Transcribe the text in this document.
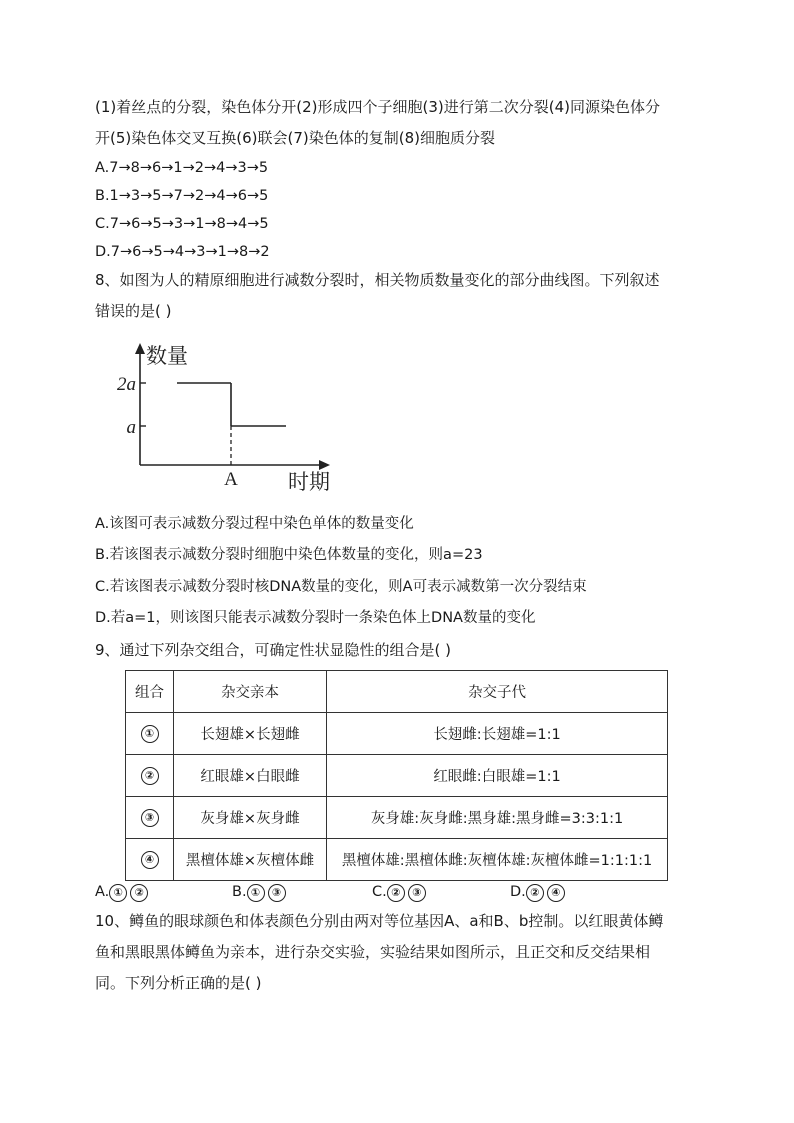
(1)着丝点的分裂，染色体分开(2)形成四个子细胞(3)进行第二次分裂(4)同源染色体分
开(5)染色体交叉互换(6)联会(7)染色体的复制(8)细胞质分裂
A.7→8→6→1→2→4→3→5
B.1→3→5→7→2→4→6→5
C.7→6→5→3→1→8→4→5
D.7→6→5→4→3→1→8→2
8、如图为人的精原细胞进行减数分裂时，相关物质数量变化的部分曲线图。下列叙述
错误的是( )
数量
2a
a
A 时期
A.该图可表示减数分裂过程中染色单体的数量变化
B.若该图表示减数分裂时细胞中染色体数量的变化，则a=23
C.若该图表示减数分裂时核DNA数量的变化，则A可表示减数第一次分裂结束
D.若a=1，则该图只能表示减数分裂时一条染色体上DNA数量的变化
9、通过下列杂交组合，可确定性状显隐性的组合是( )
组合	杂交亲本	杂交子代
①	长翅雄×长翅雌	长翅雌:长翅雄=1:1
②	红眼雄×白眼雌	红眼雌:白眼雄=1:1
③	灰身雄×灰身雌	灰身雄:灰身雌:黑身雄:黑身雌=3:3:1:1
④	黑檀体雄×灰檀体雌	黑檀体雄:黑檀体雌:灰檀体雄:灰檀体雌=1:1:1:1
A. ① ②	B. ① ③	C. ② ③	D. ② ④
10、鳟鱼的眼球颜色和体表颜色分别由两对等位基因A、a和B、b控制。以红眼黄体鳟
鱼和黑眼黑体鳟鱼为亲本，进行杂交实验，实验结果如图所示，且正交和反交结果相
同。下列分析正确的是( )
